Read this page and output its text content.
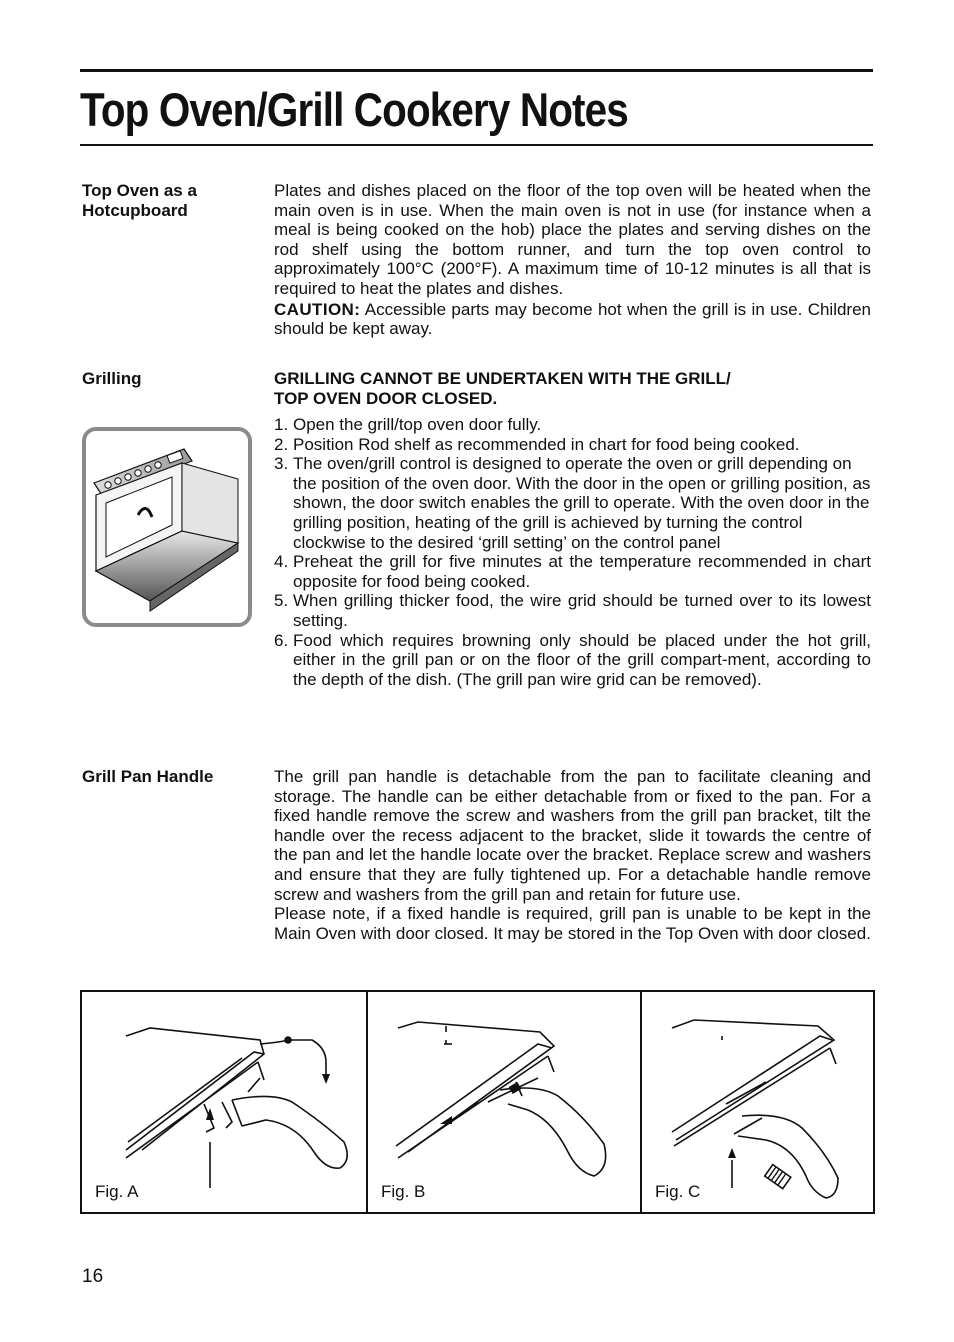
Top Oven/Grill Cookery Notes
Top Oven as a Hotcupboard

Plates and dishes placed on the floor of the top oven will be heated when the main oven is in use. When the main oven is not in use (for instance when a meal is being cooked on the hob) place the plates and serving dishes on the rod shelf using the bottom runner, and turn the top oven control to approximately 100°C (200°F). A maximum time of 10-12 minutes is all that is required to heat the plates and dishes.

CAUTION: Accessible parts may become hot when the grill is in use. Children should be kept away.

Grilling	GRILLING CANNOT BE UNDERTAKEN WITH THE GRILL/
TOP OVEN DOOR CLOSED.
1. Open the grill/top oven door fully.
2. Position Rod shelf as recommended in chart for food being cooked.
3. The oven/grill control is designed to operate the oven or grill depending on the position of the oven door. With the door in the open or grilling position, as shown, the door switch enables the grill to operate. With the oven door in the grilling position, heating of the grill is achieved by turning the control clockwise to the desired ‘grill setting’ on the control panel
4. Preheat the grill for five minutes at the temperature recommended in chart opposite for food being cooked.
5. When grilling thicker food, the wire grid should be turned over to its lowest setting.
6. Food which requires browning only should be placed under the hot grill, either in the grill pan or on the floor of the grill compart-ment, according to the depth of the dish. (The grill pan wire grid can be removed).
Grill Pan Handle	The grill pan handle is detachable from the pan to facilitate cleaning and storage. The handle can be either detachable from or fixed to the pan. For a fixed handle remove the screw and washers from the grill pan bracket, tilt the handle over the recess adjacent to the bracket, slide it towards the centre of the pan and let the handle locate over the bracket. Replace screw and washers and ensure that they are fully tightened up. For a detachable handle remove screw and washers from the grill pan and retain for future use.

Please note, if a fixed handle is required, grill pan is unable to be kept in the Main Oven with door closed. It may be stored in the Top Oven with door closed.

Fig. A	Fig. B	Fig. C
16
